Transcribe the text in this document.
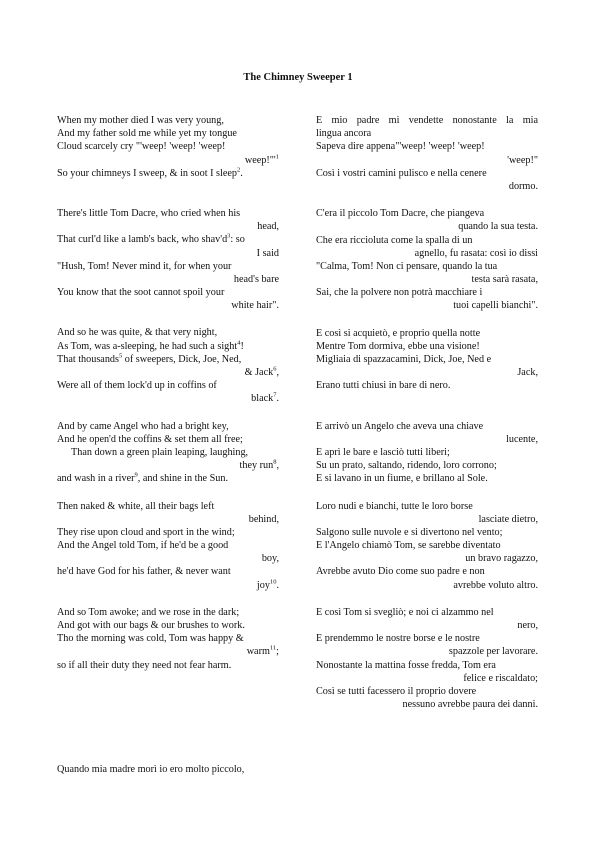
The Chimney Sweeper 1
When my mother died I was very young,
And my father sold me while yet my tongue
Cloud scarcely cry "'weep! 'weep! 'weep!
$weep!"'^1$
So your chimneys I sweep, & in soot I sleep$^2$.
There's little Tom Dacre, who cried when his
head,
That curl'd like a lamb's back, who $shav'd^3$: so
I said
"Hush, Tom! Never mind it, for when your
head's bare
You know that the soot cannot spoil your
white hair".
And so he was quite, & that very night,
As Tom, was a-sleeping, he had such a sight$^4$!
That thousands$^5$ of sweepers, Dick, Joe, Ned,
& Jack$^6$,
Were all of them lock'd up in coffins of
black$^7$.
And by came Angel who had a bright key,
And he open'd the coffins & set them all free;
Than down a green plain leaping, laughing,
they run$^8$,
and wash in a river$^9$, and shine in the Sun.
Then naked & white, all their bags left
behind,
They rise upon cloud and sport in the wind;
And the Angel told Tom, if he'd be a good
boy,
he'd have God for his father, & never want
joy$^{10}$.
And so Tom awoke; and we rose in the dark;
And got with our bags & our brushes to work.
Tho the morning was cold, Tom was happy &
warm$^{11}$;
so if all their duty they need not fear harm.
E mio padre mi vendette nonostante la mia
lingua ancora
Sapeva dire appena"'weep! 'weep! 'weep!
'weep!"
Così i vostri camini pulisco e nella cenere
dormo.
C'era il piccolo Tom Dacre, che piangeva
quando la sua testa.
Che era riccioluta come la spalla di un
agnello, fu rasata: così io dissi
"Calma, Tom! Non ci pensare, quando la tua
testa sarà rasata,
Sai, che la polvere non potrà macchiare i
tuoi capelli bianchi".
E così si acquietò, e proprio quella notte
Mentre Tom dormiva, ebbe una visione!
Migliaia di spazzacamini, Dick, Joe, Ned e
Jack,
Erano tutti chiusi in bare di nero.
E arrivò un Angelo che aveva una chiave
lucente,
E aprì le bare e lasciò tutti liberi;
Su un prato, saltando, ridendo, loro corrono;
E si lavano in un fiume, e brillano al Sole.
Loro nudi e bianchi, tutte le loro borse
lasciate dietro,
Salgono sulle nuvole e si divertono nel vento;
E l'Angelo chiamò Tom, se sarebbe diventato
un bravo ragazzo,
Avrebbe avuto Dio come suo padre e non
avrebbe voluto altro.
E così Tom si svegliò; e noi ci alzammo nel
nero,
E prendemmo le nostre borse e le nostre
spazzole per lavorare.
Nonostante la mattina fosse fredda, Tom era
felice e riscaldato;
Così se tutti facessero il proprio dovere
nessuno avrebbe paura dei danni.
Quando mia madre morì io ero molto piccolo,
